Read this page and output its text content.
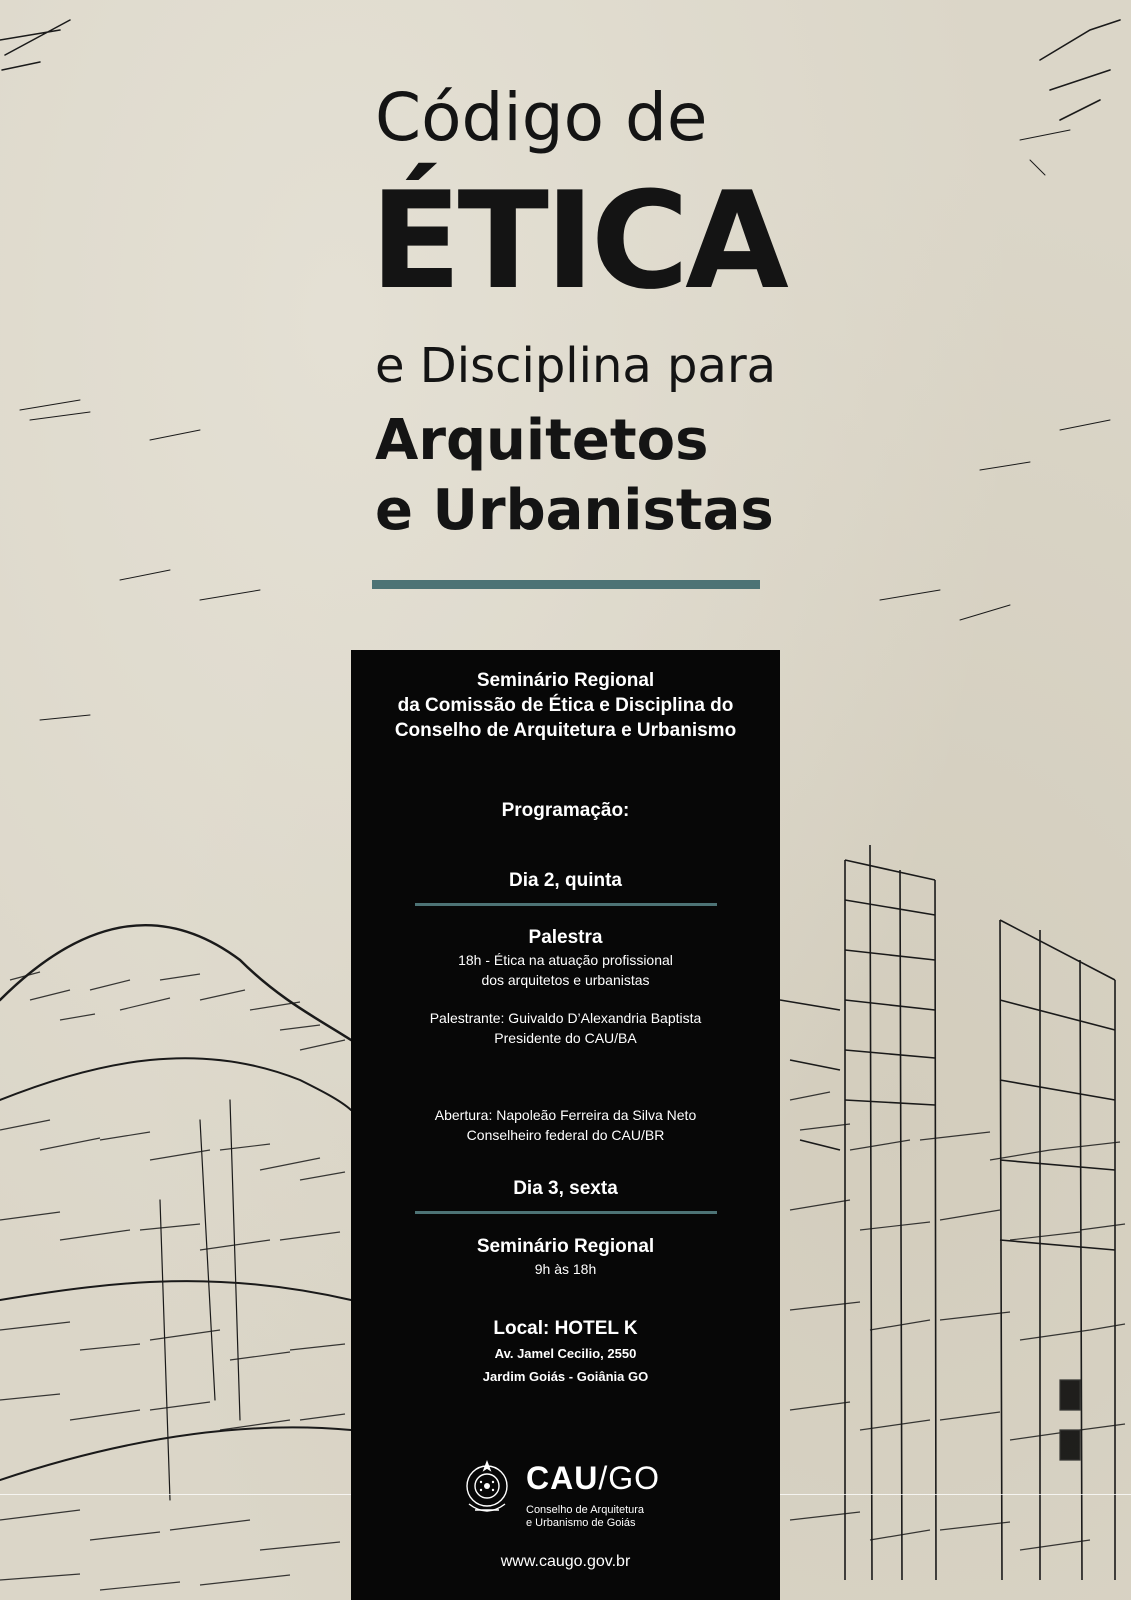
Código de
ÉTICA
e Disciplina para
Arquitetos
e Urbanistas
Seminário Regional
da Comissão de Ética e Disciplina do
Conselho de Arquitetura e Urbanismo
Programação:
Dia 2, quinta
Palestra
18h - Ética na atuação profissional
dos arquitetos e urbanistas
Palestrante: Guivaldo D’Alexandria Baptista
Presidente do CAU/BA
Abertura: Napoleão Ferreira da Silva Neto
Conselheiro federal do CAU/BR
Dia 3, sexta
Seminário Regional
9h às 18h
Local: HOTEL K
Av. Jamel Cecilio, 2550
Jardim Goiás - Goiânia GO
CAU/GO
Conselho de Arquitetura
e Urbanismo de Goiás
www.caugo.gov.br
